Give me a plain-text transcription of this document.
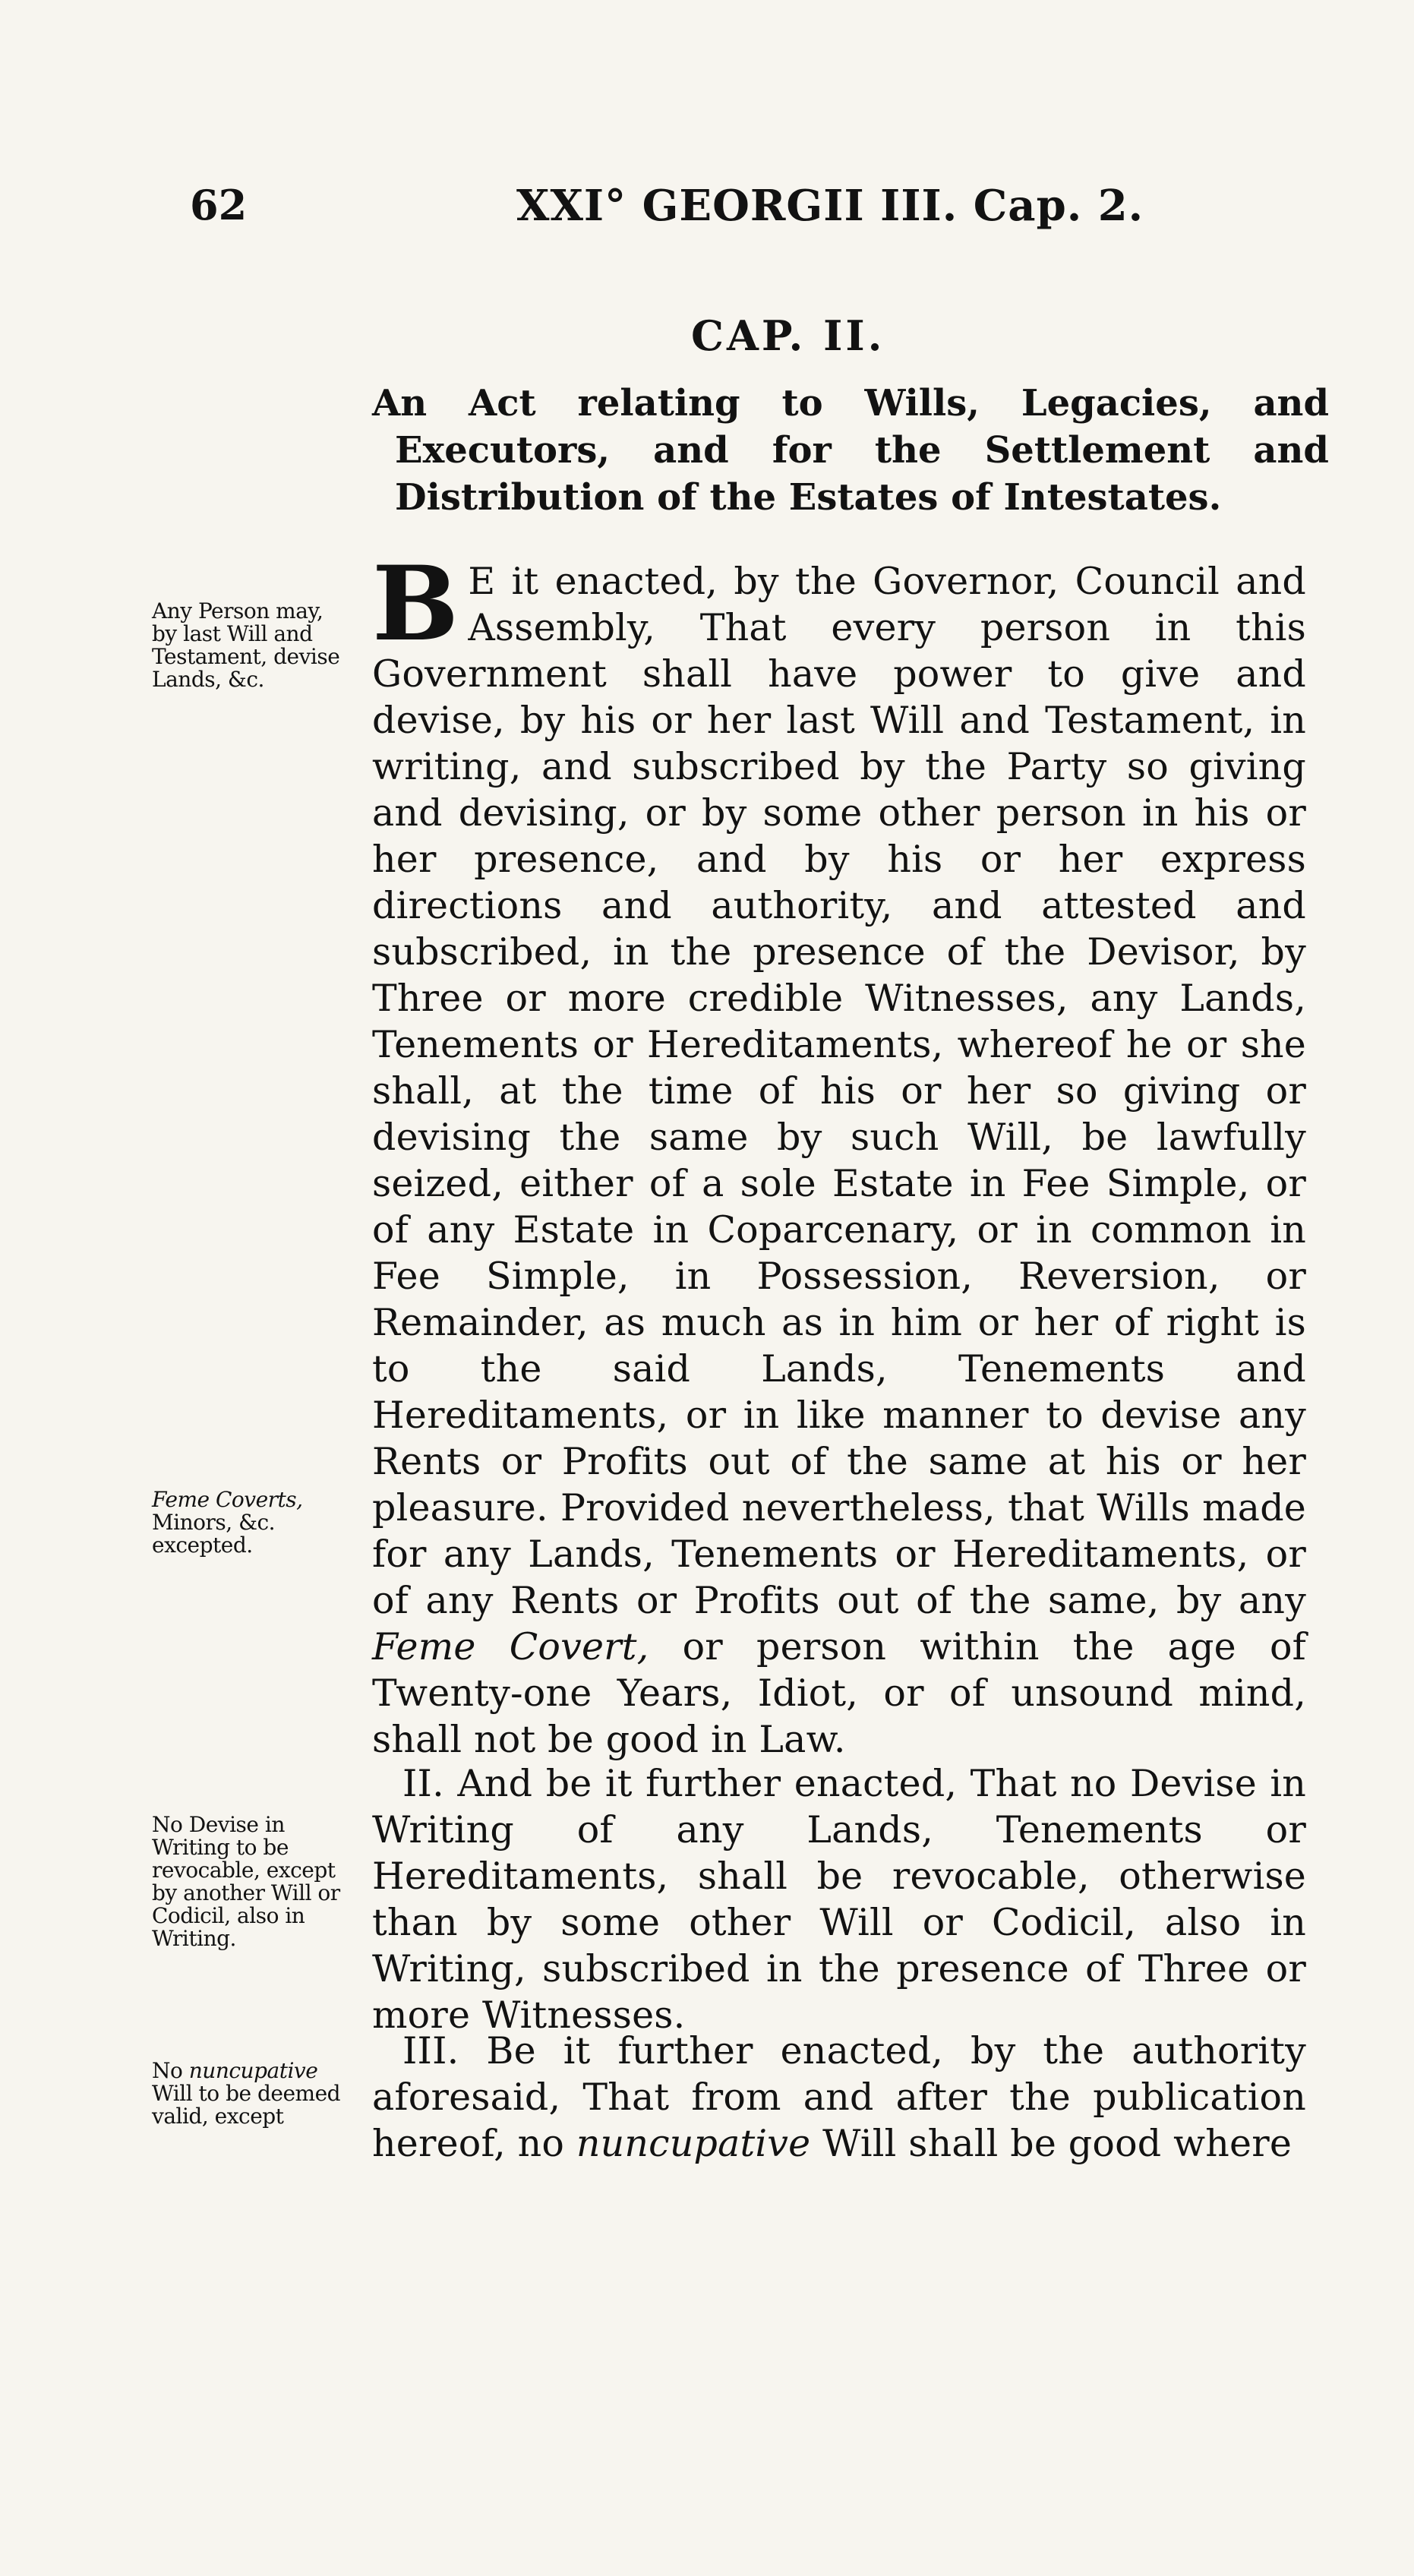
62	XXI° GEORGII III. Cap. 2.
CAP. II.
An Act relating to Wills, Legacies, and Executors, and for the Settlement and Distribution of the Estates of Intestates.
Any Person may, by last Will and Testament, devise Lands, &c.
B E it enacted, by the Governor, Council and Assembly, That every person in this Government shall have power to give and devise, by his or her last Will and Testament, in writing, and subscribed by the Party so giving and devising, or by some other person in his or her presence, and by his or her express directions and authority, and attested and subscribed, in the presence of the Devisor, by Three or more credible Witnesses, any Lands, Tenements or Hereditaments, whereof he or she shall, at the time of his or her so giving or devising the same by such Will, be lawfully seized, either of a sole Estate in Fee Simple, or of any Estate in Coparcenary, or in common in Fee Simple, in Possession, Reversion, or Remainder, as much as in him or her of right is to the said Lands, Tenements and Hereditaments, or in like manner to devise any Rents or Profits out of the same at his or her pleasure. Provided nevertheless, that Wills made for any Lands, Tenements or Hereditaments, or of any Rents or Profits out of the same, by any Feme Covert, or person within the age of Twenty-one Years, Idiot, or of unsound mind, shall not be good in Law.
Feme Coverts, Minors, &c. excepted.
II. And be it further enacted, That no Devise in Writing of any Lands, Tenements or Hereditaments, shall be revocable, otherwise than by some other Will or Codicil, also in Writing, subscribed in the presence of Three or more Witnesses.
No Devise in Writing to be revocable, except by another Will or Codicil, also in Writing.
III. Be it further enacted, by the authority aforesaid, That from and after the publication hereof, no nuncupative Will shall be good where
No nuncupative Will to be deemed valid, except
